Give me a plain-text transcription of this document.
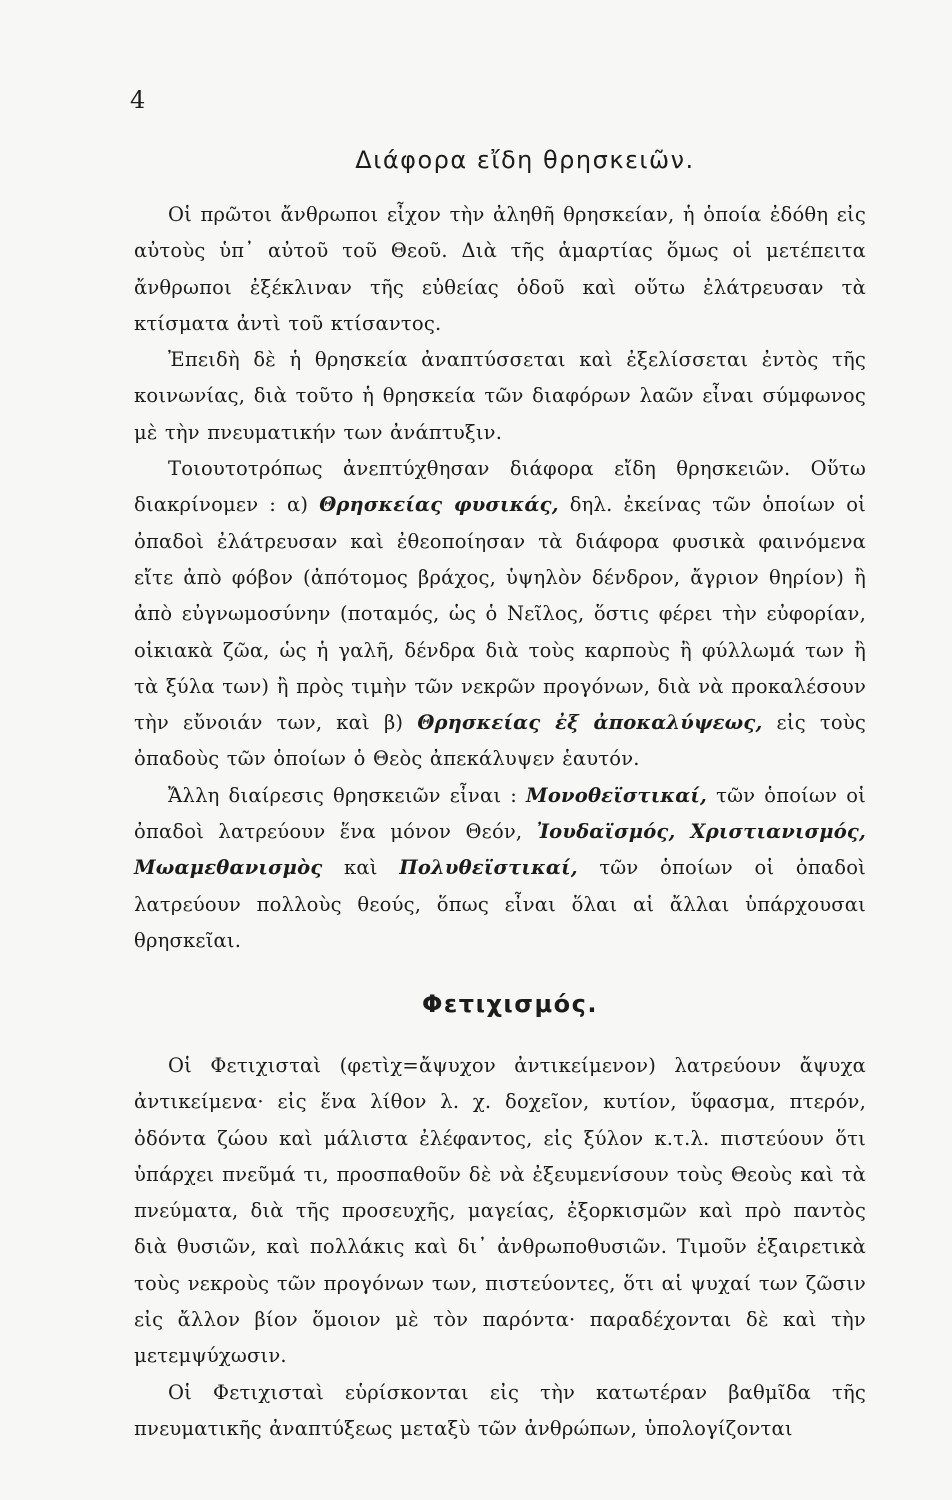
4
Διάφορα εἴδη θρησκειῶν.

Οἱ πρῶτοι ἄνθρωποι εἶχον τὴν ἀληθῆ θρησκείαν, ἡ ὁποία ἐδόθη εἰς αὐτοὺς ὑπ᾽ αὐτοῦ τοῦ Θεοῦ. Διὰ τῆς ἁμαρτίας ὅμως οἱ μετέπειτα ἄνθρωποι ἐξέκλιναν τῆς εὐθείας ὁδοῦ καὶ οὕτω ἐλάτρευσαν τὰ κτίσματα ἀντὶ τοῦ κτίσαντος.

Ἐπειδὴ δὲ ἡ θρησκεία ἀναπτύσσεται καὶ ἐξελίσσεται ἐντὸς τῆς κοινωνίας, διὰ τοῦτο ἡ θρησκεία τῶν διαφόρων λαῶν εἶναι σύμφωνος μὲ τὴν πνευματικήν των ἀνάπτυξιν.

Τοιουτοτρόπως ἀνεπτύχθησαν διάφορα εἴδη θρησκειῶν. Οὕτω διακρίνομεν : α) Θρησκείας φυσικάς, δηλ. ἐκείνας τῶν ὁποίων οἱ ὀπαδοὶ ἐλάτρευσαν καὶ ἐθεοποίησαν τὰ διάφορα φυσικὰ φαινόμενα εἴτε ἀπὸ φόβον (ἀπότομος βράχος, ὑψηλὸν δένδρον, ἄγριον θηρίον) ἢ ἀπὸ εὐγνωμοσύνην (ποταμός, ὡς ὁ Νεῖλος, ὅστις φέρει τὴν εὐφορίαν, οἰκιακὰ ζῶα, ὡς ἡ γαλῆ, δένδρα διὰ τοὺς καρποὺς ἢ φύλλωμά των ἢ τὰ ξύλα των) ἢ πρὸς τιμὴν τῶν νεκρῶν προγόνων, διὰ νὰ προκαλέσουν τὴν εὔνοιάν των, καὶ β) Θρησκείας ἐξ ἀποκαλύψεως, εἰς τοὺς ὀπαδοὺς τῶν ὁποίων ὁ Θεὸς ἀπεκάλυψεν ἑαυτόν.

Ἄλλη διαίρεσις θρησκειῶν εἶναι : Μονοθεϊστικαί, τῶν ὁποίων οἱ ὀπαδοὶ λατρεύουν ἕνα μόνον Θεόν, Ἰουδαϊσμός, Χριστιανισμός, Μωαμεθανισμὸς καὶ Πολυθεϊστικαί, τῶν ὁποίων οἱ ὀπαδοὶ λατρεύουν πολλοὺς θεούς, ὅπως εἶναι ὅλαι αἱ ἄλλαι ὑπάρχουσαι θρησκεῖαι.

Φετιχισμός.

Οἱ Φετιχισταὶ (φετὶχ=ἄψυχον ἀντικείμενον) λατρεύουν ἄψυχα ἀντικείμενα· εἰς ἕνα λίθον λ. χ. δοχεῖον, κυτίον, ὕφασμα, πτερόν, ὀδόντα ζώου καὶ μάλιστα ἐλέφαντος, εἰς ξύλον κ.τ.λ. πιστεύουν ὅτι ὑπάρχει πνεῦμά τι, προσπαθοῦν δὲ νὰ ἐξευμενίσουν τοὺς Θεοὺς καὶ τὰ πνεύματα, διὰ τῆς προσευχῆς, μαγείας, ἐξορκισμῶν καὶ πρὸ παντὸς διὰ θυσιῶν, καὶ πολλάκις καὶ δι᾽ ἀνθρωποθυσιῶν. Τιμοῦν ἐξαιρετικὰ τοὺς νεκροὺς τῶν προγόνων των, πιστεύοντες, ὅτι αἱ ψυχαί των ζῶσιν εἰς ἄλλον βίον ὅμοιον μὲ τὸν παρόντα· παραδέχονται δὲ καὶ τὴν μετεμψύχωσιν.

Οἱ Φετιχισταὶ εὑρίσκονται εἰς τὴν κατωτέραν βαθμῖδα τῆς πνευματικῆς ἀναπτύξεως μεταξὺ τῶν ἀνθρώπων, ὑπολογίζονται
